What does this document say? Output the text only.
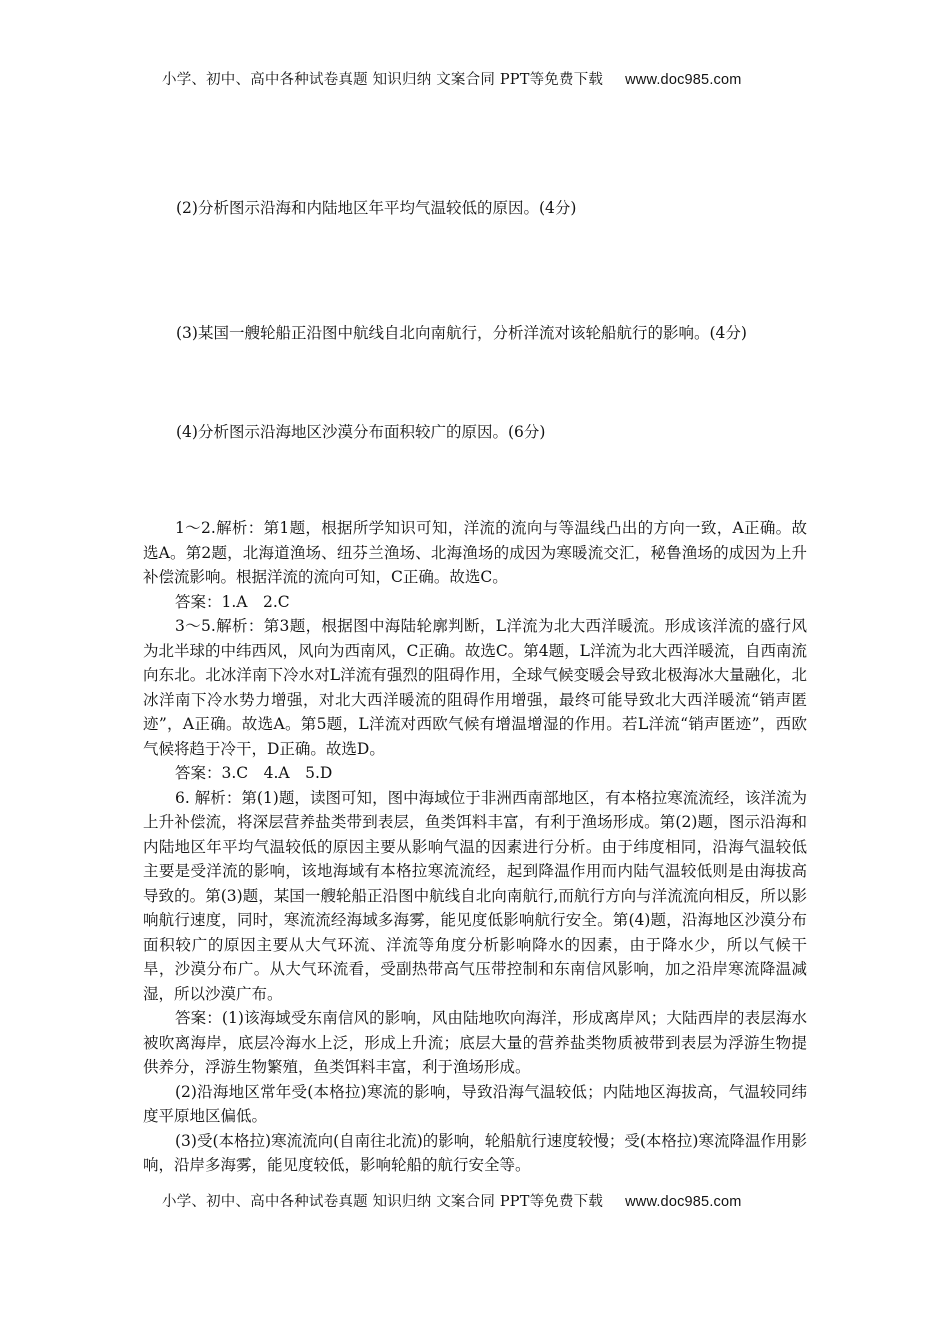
小学、初中、高中各种试卷真题 知识归纳 文案合同 PPT等免费下载 www.doc985.com
(2)分析图示沿海和内陆地区年平均气温较低的原因。(4分)
(3)某国一艘轮船正沿图中航线自北向南航行，分析洋流对该轮船航行的影响。(4分)
(4)分析图示沿海地区沙漠分布面积较广的原因。(6分)

1～2.解析：第1题，根据所学知识可知，洋流的流向与等温线凸出的方向一致，A正确。故选A。第2题，北海道渔场、纽芬兰渔场、北海渔场的成因为寒暖流交汇，秘鲁渔场的成因为上升补偿流影响。根据洋流的流向可知，C正确。故选C。

答案：1.A　2.C

3～5.解析：第3题，根据图中海陆轮廓判断，L洋流为北大西洋暖流。形成该洋流的盛行风为北半球的中纬西风，风向为西南风，C正确。故选C。第4题，L洋流为北大西洋暖流，自西南流向东北。北冰洋南下冷水对L洋流有强烈的阻碍作用，全球气候变暖会导致北极海冰大量融化，北冰洋南下冷水势力增强，对北大西洋暖流的阻碍作用增强，最终可能导致北大西洋暖流“销声匿迹”，A正确。故选A。第5题，L洋流对西欧气候有增温增湿的作用。若L洋流“销声匿迹”，西欧气候将趋于冷干，D正确。故选D。

答案：3.C　4.A　5.D

6. 解析：第(1)题，读图可知，图中海域位于非洲西南部地区，有本格拉寒流流经，该洋流为上升补偿流，将深层营养盐类带到表层，鱼类饵料丰富，有利于渔场形成。第(2)题，图示沿海和内陆地区年平均气温较低的原因主要从影响气温的因素进行分析。由于纬度相同，沿海气温较低主要是受洋流的影响，该地海域有本格拉寒流流经，起到降温作用而内陆气温较低则是由海拔高导致的。第(3)题，某国一艘轮船正沿图中航线自北向南航行,而航行方向与洋流流向相反，所以影响航行速度，同时，寒流流经海域多海雾，能见度低影响航行安全。第(4)题，沿海地区沙漠分布面积较广的原因主要从大气环流、洋流等角度分析影响降水的因素，由于降水少，所以气候干旱，沙漠分布广。从大气环流看，受副热带高气压带控制和东南信风影响，加之沿岸寒流降温减湿，所以沙漠广布。

答案：(1)该海域受东南信风的影响，风由陆地吹向海洋，形成离岸风；大陆西岸的表层海水被吹离海岸，底层冷海水上泛，形成上升流；底层大量的营养盐类物质被带到表层为浮游生物提供养分，浮游生物繁殖，鱼类饵料丰富，利于渔场形成。

(2)沿海地区常年受(本格拉)寒流的影响，导致沿海气温较低；内陆地区海拔高，气温较同纬度平原地区偏低。

(3)受(本格拉)寒流流向(自南往北流)的影响，轮船航行速度较慢；受(本格拉)寒流降温作用影响，沿岸多海雾，能见度较低，影响轮船的航行安全等。

小学、初中、高中各种试卷真题 知识归纳 文案合同 PPT等免费下载 www.doc985.com
